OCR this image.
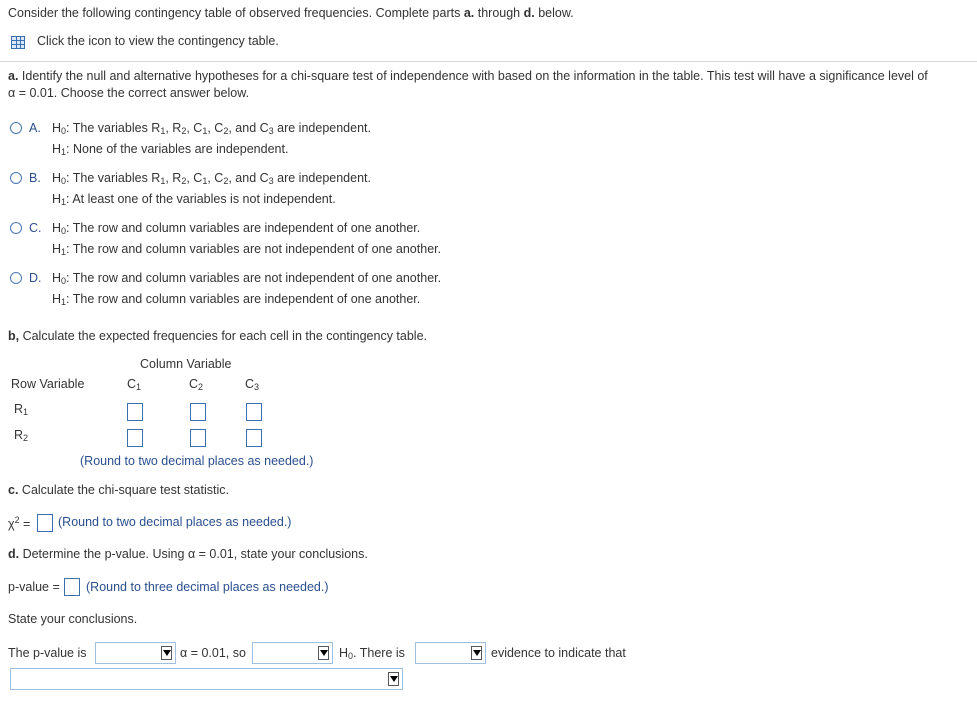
Consider the following contingency table of observed frequencies. Complete parts a. through d. below.
Click the icon to view the contingency table.
a. Identify the null and alternative hypotheses for a chi-square test of independence with based on the information in the table. This test will have a significance level of
α = 0.01. Choose the correct answer below.
A. $H_0$: The variables $R_1$, $R_2$, $C_1$, $C_2$, and $C_3$ are independent.
$H_1$: None of the variables are independent.
B. $H_0$: The variables $R_1$, $R_2$, $C_1$, $C_2$, and $C_3$ are independent.
$H_1$: At least one of the variables is not independent.
C. $H_0$: The row and column variables are independent of one another.
$H_1$: The row and column variables are not independent of one another.
D. $H_0$: The row and column variables are not independent of one another.
$H_1$: The row and column variables are independent of one another.
b, Calculate the expected frequencies for each cell in the contingency table.
Column Variable
Row Variable	$C_1$	$C_2$	$C_3$
$R_1$
$R_2$
(Round to two decimal places as needed.)
c. Calculate the chi-square test statistic.
$\chi^2$ = (Round to two decimal places as needed.)
d. Determine the p-value. Using α = 0.01, state your conclusions.
p-value = (Round to three decimal places as needed.)
State your conclusions.
The p-value is	α = 0.01, so	$H_0$. There is	evidence to indicate that
